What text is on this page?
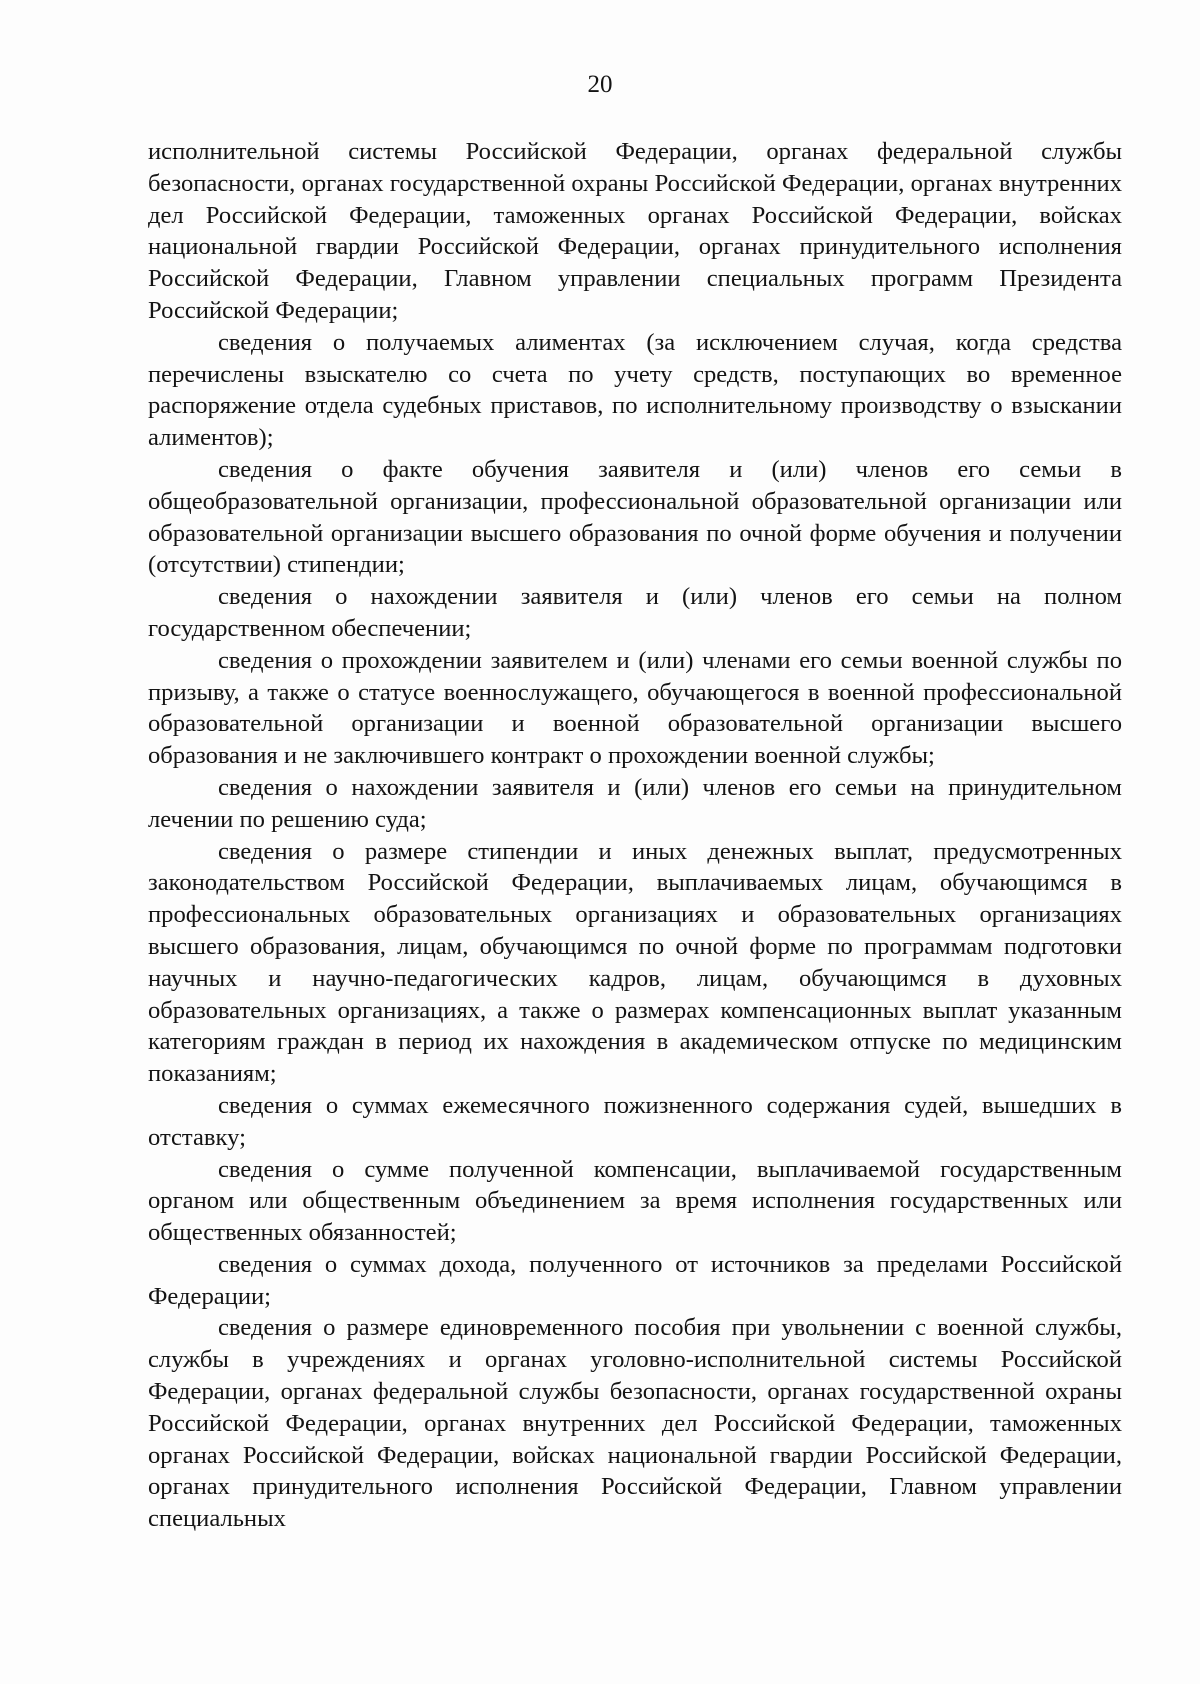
20

исполнительной системы Российской Федерации, органах федеральной службы безопасности, органах государственной охраны Российской Федерации, органах внутренних дел Российской Федерации, таможенных органах Российской Федерации, войсках национальной гвардии Российской Федерации, органах принудительного исполнения Российской Федерации, Главном управлении специальных программ Президента Российской Федерации;

сведения о получаемых алиментах (за исключением случая, когда средства перечислены взыскателю со счета по учету средств, поступающих во временное распоряжение отдела судебных приставов, по исполнительному производству о взыскании алиментов);

сведения о факте обучения заявителя и (или) членов его семьи в общеобразовательной организации, профессиональной образовательной организации или образовательной организации высшего образования по очной форме обучения и получении (отсутствии) стипендии;

сведения о нахождении заявителя и (или) членов его семьи на полном государственном обеспечении;

сведения о прохождении заявителем и (или) членами его семьи военной службы по призыву, а также о статусе военнослужащего, обучающегося в военной профессиональной образовательной организации и военной образовательной организации высшего образования и не заключившего контракт о прохождении военной службы;

сведения о нахождении заявителя и (или) членов его семьи на принудительном лечении по решению суда;

сведения о размере стипендии и иных денежных выплат, предусмотренных законодательством Российской Федерации, выплачиваемых лицам, обучающимся в профессиональных образовательных организациях и образовательных организациях высшего образования, лицам, обучающимся по очной форме по программам подготовки научных и научно-педагогических кадров, лицам, обучающимся в духовных образовательных организациях, а также о размерах компенсационных выплат указанным категориям граждан в период их нахождения в академическом отпуске по медицинским показаниям;

сведения о суммах ежемесячного пожизненного содержания судей, вышедших в отставку;

сведения о сумме полученной компенсации, выплачиваемой государственным органом или общественным объединением за время исполнения государственных или общественных обязанностей;

сведения о суммах дохода, полученного от источников за пределами Российской Федерации;

сведения о размере единовременного пособия при увольнении с военной службы, службы в учреждениях и органах уголовно-исполнительной системы Российской Федерации, органах федеральной службы безопасности, органах государственной охраны Российской Федерации, органах внутренних дел Российской Федерации, таможенных органах Российской Федерации, войсках национальной гвардии Российской Федерации, органах принудительного исполнения Российской Федерации, Главном управлении специальных
